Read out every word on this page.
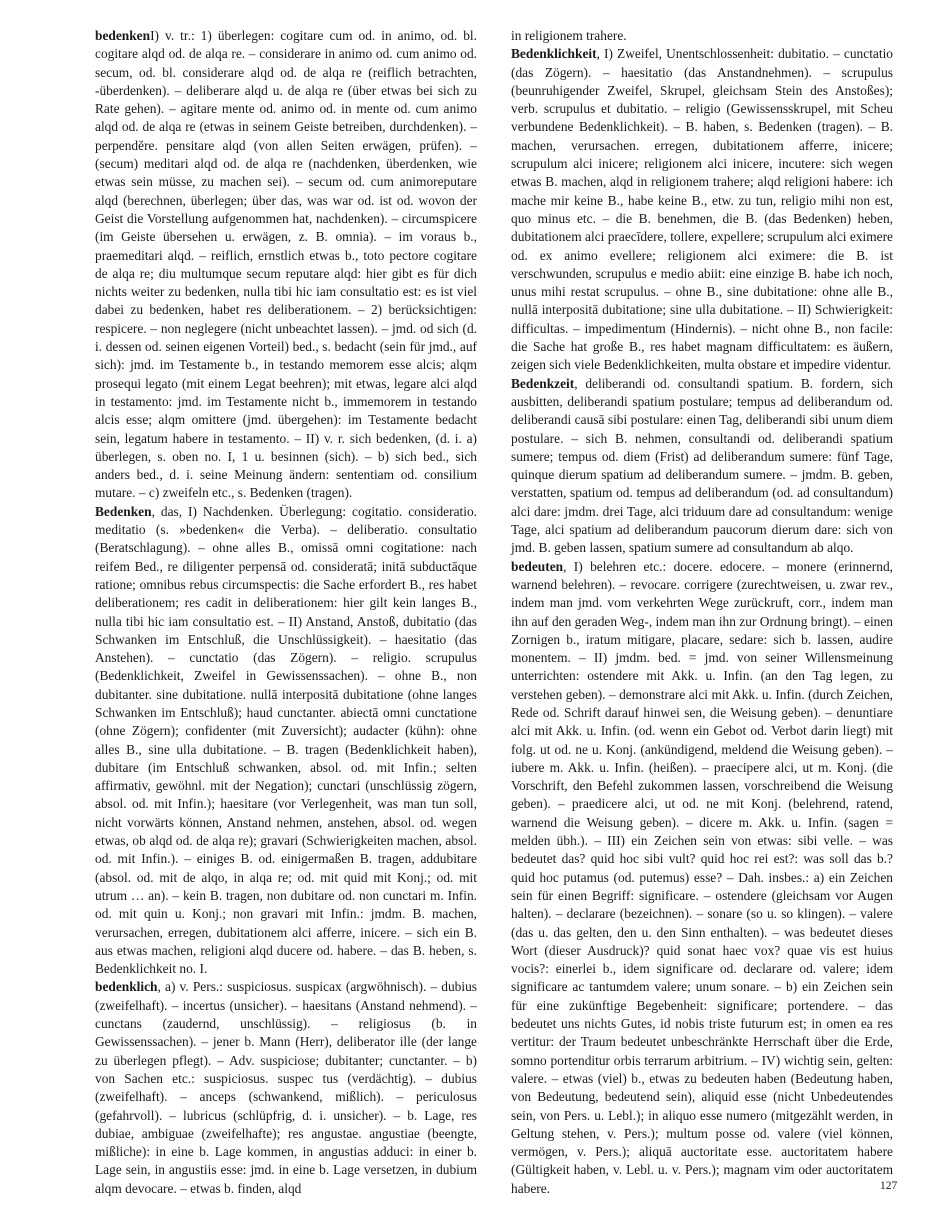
bedenkenI) v. tr.: 1) überlegen: cogitare cum od. in animo, od. bl. cogitare alqd od. de alqa re. – considerare in animo od. cum animo od. secum, od. bl. considerare alqd od. de alqa re (reiflich betrachten, -überdenken). – deliberare alqd u. de alqa re (über etwas bei sich zu Rate gehen). – agitare mente od. animo od. in mente od. cum animo alqd od. de alqa re (etwas in seinem Geiste betreiben, durchdenken). – perpendĕre. pensitare alqd (von allen Seiten erwägen, prüfen). – (secum) meditari alqd od. de alqa re (nachdenken, überdenken, wie etwas sein müsse, zu machen sei). – secum od. cum animoreputare alqd (berechnen, überlegen; über das, was war od. ist od. wovon der Geist die Vorstellung aufgenommen hat, nachdenken). – circumspicere (im Geiste übersehen u. erwägen, z. B. omnia). – im voraus b., praemeditari alqd. – reiflich, ernstlich etwas b., toto pectore cogitare de alqa re; diu multumque secum reputare alqd: hier gibt es für dich nichts weiter zu bedenken, nulla tibi hic iam consultatio est: es ist viel dabei zu bedenken, habet res deliberationem. – 2) berücksichtigen: respicere. – non neglegere (nicht unbeachtet lassen). – jmd. od sich (d. i. dessen od. seinen eigenen Vorteil) bed., s. bedacht (sein für jmd., auf sich): jmd. im Testamente b., in testando memorem esse alcis; alqm prosequi legato (mit einem Legat beehren); mit etwas, legare alci alqd in testamento: jmd. im Testamente nicht b., immemorem in testando alcis esse; alqm omittere (jmd. übergehen): im Testamente bedacht sein, legatum habere in testamento. – II) v. r. sich bedenken, (d. i. a) überlegen, s. oben no. I, 1 u. besinnen (sich). – b) sich bed., sich anders bed., d. i. seine Meinung ändern: sententiam od. consilium mutare. – c) zweifeln etc., s. Bedenken (tragen).

Bedenken, das, I) Nachdenken. Überlegung: cogitatio. consideratio. meditatio (s. »bedenken« die Verba). – deliberatio. consultatio (Beratschlagung). – ohne alles B., omissā omni cogitatione: nach reifem Bed., re diligenter perpensā od. consideratā; initā subductāque ratione; omnibus rebus circumspectis: die Sache erfordert B., res habet deliberationem; res cadit in deliberationem: hier gilt kein langes B., nulla tibi hic iam consultatio est. – II) Anstand, Anstoß, dubitatio (das Schwanken im Entschluß, die Unschlüssigkeit). – haesitatio (das Anstehen). – cunctatio (das Zögern). – religio. scrupulus (Bedenklichkeit, Zweifel in Gewissenssachen). – ohne B., non dubitanter. sine dubitatione. nullā interpositā dubitatione (ohne langes Schwanken im Entschluß); haud cunctanter. abiectā omni cunctatione (ohne Zögern); confidenter (mit Zuversicht); audacter (kühn): ohne alles B., sine ulla dubitatione. – B. tragen (Bedenklichkeit haben), dubitare (im Entschluß schwanken, absol. od. mit Infin.; selten affirmativ, gewöhnl. mit der Negation); cunctari (unschlüssig zögern, absol. od. mit Infin.); haesitare (vor Verlegenheit, was man tun soll, nicht vorwärts können, Anstand nehmen, anstehen, absol. od. wegen etwas, ob alqd od. de alqa re); gravari (Schwierigkeiten machen, absol. od. mit Infin.). – einiges B. od. einigermaßen B. tragen, addubitare (absol. od. mit de alqo, in alqa re; od. mit quid mit Konj.; od. mit utrum … an). – kein B. tragen, non dubitare od. non cunctari m. Infin. od. mit quin u. Konj.; non gravari mit Infin.: jmdm. B. machen, verursachen, erregen, dubitationem alci afferre, inicere. – sich ein B. aus etwas machen, religioni alqd ducere od. habere. – das B. heben, s. Bedenklichkeit no. I.

bedenklich, a) v. Pers.: suspiciosus. suspicax (argwöhnisch). – dubius (zweifelhaft). – incertus (unsicher). – haesitans (Anstand nehmend). – cunctans (zaudernd, unschlüssig). – religiosus (b. in Gewissenssachen). – jener b. Mann (Herr), deliberator ille (der lange zu überlegen pflegt). – Adv. suspiciose; dubitanter; cunctanter. – b) von Sachen etc.: suspiciosus. suspec tus (verdächtig). – dubius (zweifelhaft). – anceps (schwankend, mißlich). – periculosus (gefahrvoll). – lubricus (schlüpfrig, d. i. unsicher). – b. Lage, res dubiae, ambiguae (zweifelhafte); res angustae. angustiae (beengte, mißliche): in eine b. Lage kommen, in angustias adduci: in einer b. Lage sein, in angustiis esse: jmd. in eine b. Lage versetzen, in dubium alqm devocare. – etwas b. finden, alqd

in religionem trahere.

Bedenklichkeit, I) Zweifel, Unentschlossenheit: dubitatio. – cunctatio (das Zögern). – haesitatio (das Anstandnehmen). – scrupulus (beunruhigender Zweifel, Skrupel, gleichsam Stein des Anstoßes); verb. scrupulus et dubitatio. – religio (Gewissensskrupel, mit Scheu verbundene Bedenklichkeit). – B. haben, s. Bedenken (tragen). – B. machen, verursachen. erregen, dubitationem afferre, inicere; scrupulum alci inicere; religionem alci inicere, incutere: sich wegen etwas B. machen, alqd in religionem trahere; alqd religioni habere: ich mache mir keine B., habe keine B., etw. zu tun, religio mihi non est, quo minus etc. – die B. benehmen, die B. (das Bedenken) heben, dubitationem alci praecīdere, tollere, expellere; scrupulum alci eximere od. ex animo evellere; religionem alci eximere: die B. ist verschwunden, scrupulus e medio abiit: eine einzige B. habe ich noch, unus mihi restat scrupulus. – ohne B., sine dubitatione: ohne alle B., nullā interpositā dubitatione; sine ulla dubitatione. – II) Schwierigkeit: difficultas. – impedimentum (Hindernis). – nicht ohne B., non facile: die Sache hat große B., res habet magnam difficultatem: es äußern, zeigen sich viele Bedenklichkeiten, multa obstare et impedire videntur.

Bedenkzeit, deliberandi od. consultandi spatium. B. fordern, sich ausbitten, deliberandi spatium postulare; tempus ad deliberandum od. deliberandi causā sibi postulare: einen Tag, deliberandi sibi unum diem postulare. – sich B. nehmen, consultandi od. deliberandi spatium sumere; tempus od. diem (Frist) ad deliberandum sumere: fünf Tage, quinque dierum spatium ad deliberandum sumere. – jmdm. B. geben, verstatten, spatium od. tempus ad deliberandum (od. ad consultandum) alci dare: jmdm. drei Tage, alci triduum dare ad consultandum: wenige Tage, alci spatium ad deliberandum paucorum dierum dare: sich von jmd. B. geben lassen, spatium sumere ad consultandum ab alqo.

bedeuten, I) belehren etc.: docere. edocere. – monere (erinnernd, warnend belehren). – revocare. corrigere (zurechtweisen, u. zwar rev., indem man jmd. vom verkehrten Wege zurückruft, corr., indem man ihn auf den geraden Weg-, indem man ihn zur Ordnung bringt). – einen Zornigen b., iratum mitigare, placare, sedare: sich b. lassen, audire monentem. – II) jmdm. bed. = jmd. von seiner Willensmeinung unterrichten: ostendere mit Akk. u. Infin. (an den Tag legen, zu verstehen geben). – demonstrare alci mit Akk. u. Infin. (durch Zeichen, Rede od. Schrift darauf hinwei sen, die Weisung geben). – denuntiare alci mit Akk. u. Infin. (od. wenn ein Gebot od. Verbot darin liegt) mit folg. ut od. ne u. Konj. (ankündigend, meldend die Weisung geben). – iubere m. Akk. u. Infin. (heißen). – praecipere alci, ut m. Konj. (die Vorschrift, den Befehl zukommen lassen, vorschreibend die Weisung geben). – praedicere alci, ut od. ne mit Konj. (belehrend, ratend, warnend die Weisung geben). – dicere m. Akk. u. Infin. (sagen = melden übh.). – III) ein Zeichen sein von etwas: sibi velle. – was bedeutet das? quid hoc sibi vult? quid hoc rei est?: was soll das b.? quid hoc putamus (od. putemus) esse? – Dah. insbes.: a) ein Zeichen sein für einen Begriff: significare. – ostendere (gleichsam vor Augen halten). – declarare (bezeichnen). – sonare (so u. so klingen). – valere (das u. das gelten, den u. den Sinn enthalten). – was bedeutet dieses Wort (dieser Ausdruck)? quid sonat haec vox? quae vis est huius vocis?: einerlei b., idem significare od. declarare od. valere; idem significare ac tantumdem valere; unum sonare. – b) ein Zeichen sein für eine zukünftige Begebenheit: significare; portendere. – das bedeutet uns nichts Gutes, id nobis triste futurum est; in omen ea res vertitur: der Traum bedeutet unbeschränkte Herrschaft über die Erde, somno portenditur orbis terrarum arbitrium. – IV) wichtig sein, gelten: valere. – etwas (viel) b., etwas zu bedeuten haben (Bedeutung haben, von Bedeutung, bedeutend sein), aliquid esse (nicht Unbedeutendes sein, von Pers. u. Lebl.); in aliquo esse numero (mitgezählt werden, in Geltung stehen, v. Pers.); multum posse od. valere (viel können, vermögen, v. Pers.); aliquā auctoritate esse. auctoritatem habere (Gültigkeit haben, v. Lebl. u. v. Pers.); magnam vim oder auctoritatem habere.	127
